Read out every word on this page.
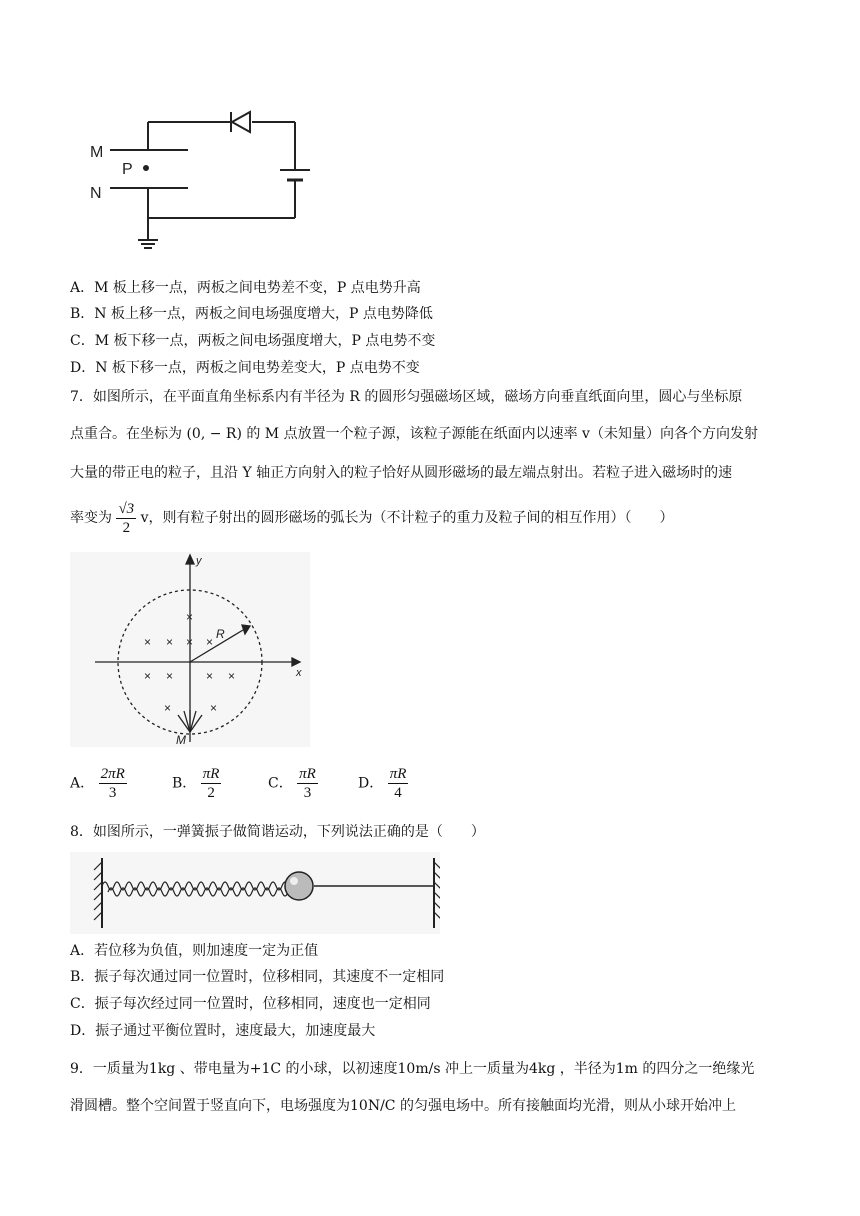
M
P
N
A．M 板上移一点，两板之间电势差不变，P 点电势升高
B．N 板上移一点，两板之间电场强度增大，P 点电势降低
C．M 板下移一点，两板之间电场强度增大，P 点电势不变
D．N 板下移一点，两板之间电势差变大，P 点电势不变
7．如图所示，在平面直角坐标系内有半径为 R 的圆形匀强磁场区域，磁场方向垂直纸面向里，圆心与坐标原
点重合。在坐标为 (0, − R) 的 M 点放置一个粒子源，该粒子源能在纸面内以速率 v（未知量）向各个方向发射
大量的带正电的粒子，且沿 Y 轴正方向射入的粒子恰好从圆形磁场的最左端点射出。若粒子进入磁场时的速
率变为 $\frac{√3}{2}$ v，则有粒子射出的圆形磁场的弧长为（不计粒子的重力及粒子间的相互作用）（　　）
×
× ×	×
× ×	× ×
×
×	×
y
x
R
M
A． $\frac{2\pi R}{3}$	B． $\frac{\pi R}{2}$	C． $\frac{\pi R}{3}$	D． $\frac{\pi R}{4}$
8．如图所示，一弹簧振子做简谐运动，下列说法正确的是（　　）
A．若位移为负值，则加速度一定为正值
B．振子每次通过同一位置时，位移相同，其速度不一定相同
C．振子每次经过同一位置时，位移相同，速度也一定相同
D．振子通过平衡位置时，速度最大，加速度最大
9．一质量为1kg 、带电量为+1C 的小球，以初速度10m/s 冲上一质量为4kg ，半径为1m 的四分之一绝缘光
滑圆槽。整个空间置于竖直向下，电场强度为10N/C 的匀强电场中。所有接触面均光滑，则从小球开始冲上
